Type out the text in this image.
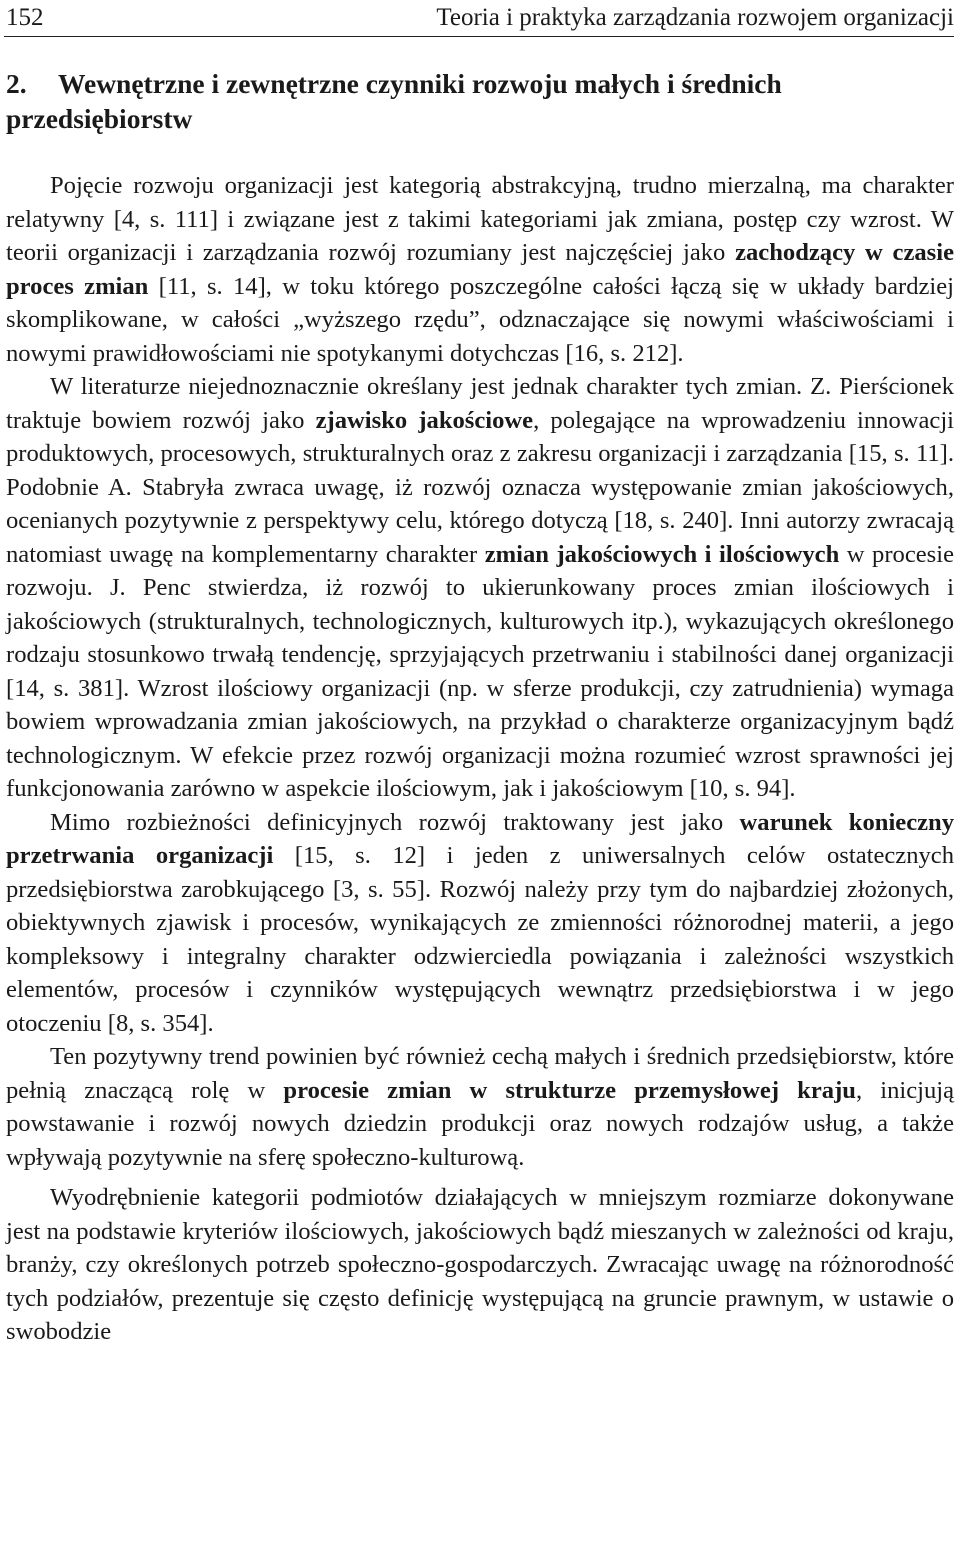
152	Teoria i praktyka zarządzania rozwojem organizacji
2. Wewnętrzne i zewnętrzne czynniki rozwoju małych i średnich przedsiębiorstw

Pojęcie rozwoju organizacji jest kategorią abstrakcyjną, trudno mierzalną, ma charakter relatywny [4, s. 111] i związane jest z takimi kategoriami jak zmiana, postęp czy wzrost. W teorii organizacji i zarządzania rozwój rozumiany jest najczęściej jako zachodzący w czasie proces zmian [11, s. 14], w toku którego poszczególne całości łączą się w układy bardziej skomplikowane, w całości „wyższego rzędu”, odznaczające się nowymi właściwościami i nowymi prawidłowościami nie spotykanymi dotychczas [16, s. 212].

W literaturze niejednoznacznie określany jest jednak charakter tych zmian. Z. Pierścionek traktuje bowiem rozwój jako zjawisko jakościowe, polegające na wprowadzeniu innowacji produktowych, procesowych, strukturalnych oraz z zakresu organizacji i zarządzania [15, s. 11]. Podobnie A. Stabryła zwraca uwagę, iż rozwój oznacza występowanie zmian jakościowych, ocenianych pozytywnie z perspektywy celu, którego dotyczą [18, s. 240]. Inni autorzy zwracają natomiast uwagę na komplementarny charakter zmian jakościowych i ilościowych w procesie rozwoju. J. Penc stwierdza, iż rozwój to ukierunkowany proces zmian ilościowych i jakościowych (strukturalnych, technologicznych, kulturowych itp.), wykazujących określonego rodzaju stosunkowo trwałą tendencję, sprzyjających przetrwaniu i stabilności danej organizacji [14, s. 381]. Wzrost ilościowy organizacji (np. w sferze produkcji, czy zatrudnienia) wymaga bowiem wprowadzania zmian jakościowych, na przykład o charakterze organizacyjnym bądź technologicznym. W efekcie przez rozwój organizacji można rozumieć wzrost sprawności jej funkcjonowania zarówno w aspekcie ilościowym, jak i jakościowym [10, s. 94].

Mimo rozbieżności definicyjnych rozwój traktowany jest jako warunek konieczny przetrwania organizacji [15, s. 12] i jeden z uniwersalnych celów ostatecznych przedsiębiorstwa zarobkującego [3, s. 55]. Rozwój należy przy tym do najbardziej złożonych, obiektywnych zjawisk i procesów, wynikających ze zmienności różnorodnej materii, a jego kompleksowy i integralny charakter odzwierciedla powiązania i zależności wszystkich elementów, procesów i czynników występujących wewnątrz przedsiębiorstwa i w jego otoczeniu [8, s. 354].

Ten pozytywny trend powinien być również cechą małych i średnich przedsiębiorstw, które pełnią znaczącą rolę w procesie zmian w strukturze przemysłowej kraju, inicjują powstawanie i rozwój nowych dziedzin produkcji oraz nowych rodzajów usług, a także wpływają pozytywnie na sferę społeczno-kulturową.

Wyodrębnienie kategorii podmiotów działających w mniejszym rozmiarze dokonywane jest na podstawie kryteriów ilościowych, jakościowych bądź mieszanych w zależności od kraju, branży, czy określonych potrzeb społeczno-gospodarczych. Zwracając uwagę na różnorodność tych podziałów, prezentuje się często definicję występującą na gruncie prawnym, w ustawie o swobodzie
